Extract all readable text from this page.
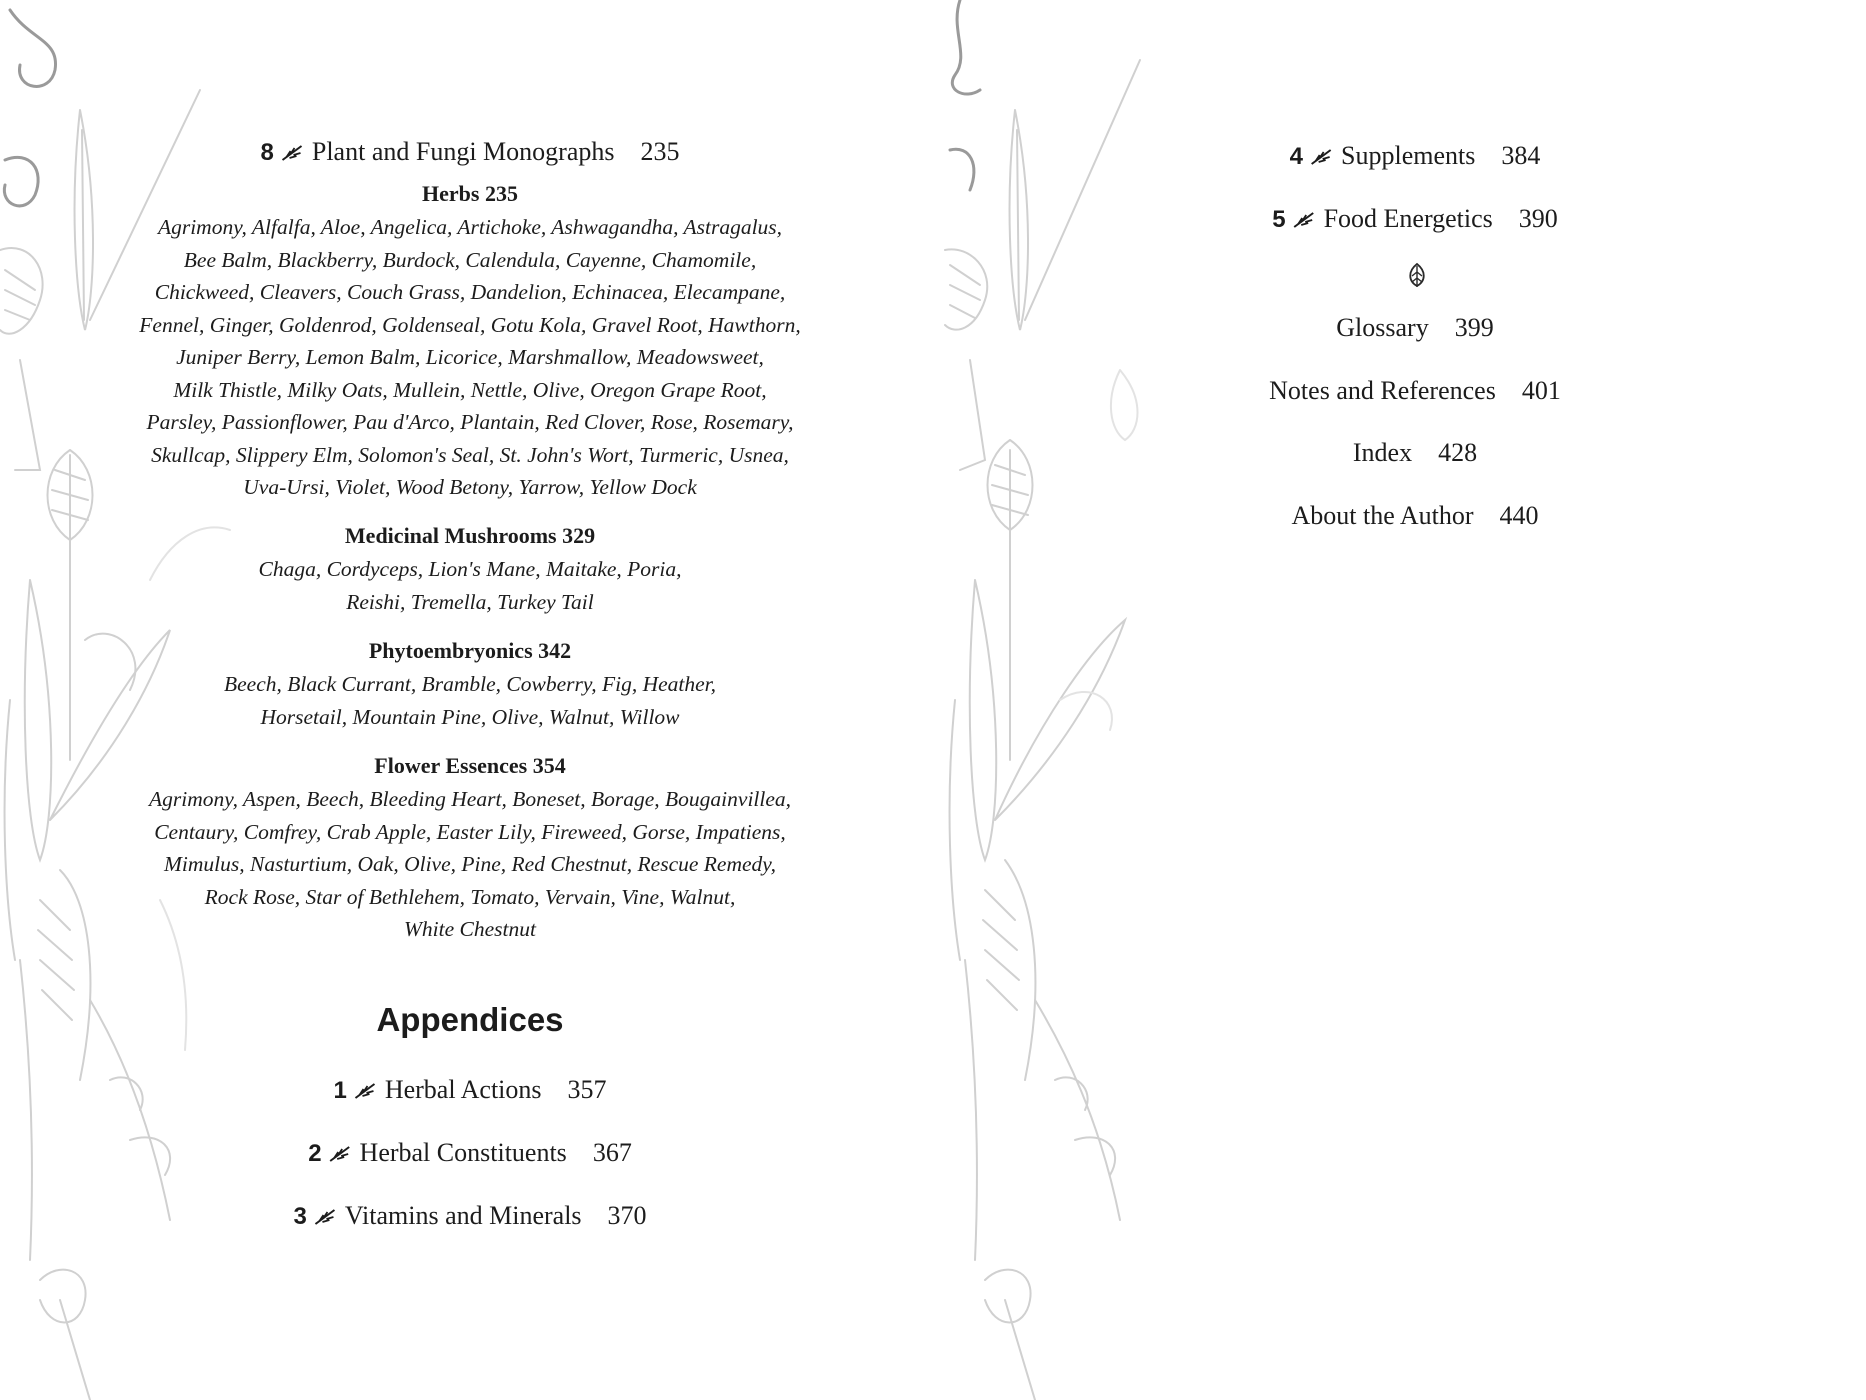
8 Plant and Fungi Monographs 235
Herbs 235
Agrimony, Alfalfa, Aloe, Angelica, Artichoke, Ashwagandha, Astragalus,
Bee Balm, Blackberry, Burdock, Calendula, Cayenne, Chamomile,
Chickweed, Cleavers, Couch Grass, Dandelion, Echinacea, Elecampane,
Fennel, Ginger, Goldenrod, Goldenseal, Gotu Kola, Gravel Root, Hawthorn,
Juniper Berry, Lemon Balm, Licorice, Marshmallow, Meadowsweet,
Milk Thistle, Milky Oats, Mullein, Nettle, Olive, Oregon Grape Root,
Parsley, Passionflower, Pau d'Arco, Plantain, Red Clover, Rose, Rosemary,
Skullcap, Slippery Elm, Solomon's Seal, St. John's Wort, Turmeric, Usnea,
Uva-Ursi, Violet, Wood Betony, Yarrow, Yellow Dock
Medicinal Mushrooms 329
Chaga, Cordyceps, Lion's Mane, Maitake, Poria,
Reishi, Tremella, Turkey Tail
Phytoembryonics 342
Beech, Black Currant, Bramble, Cowberry, Fig, Heather,
Horsetail, Mountain Pine, Olive, Walnut, Willow
Flower Essences 354
Agrimony, Aspen, Beech, Bleeding Heart, Boneset, Borage, Bougainvillea,
Centaury, Comfrey, Crab Apple, Easter Lily, Fireweed, Gorse, Impatiens,
Mimulus, Nasturtium, Oak, Olive, Pine, Red Chestnut, Rescue Remedy,
Rock Rose, Star of Bethlehem, Tomato, Vervain, Vine, Walnut,
White Chestnut
Appendices
1 Herbal Actions 357
2 Herbal Constituents 367
3 Vitamins and Minerals 370
4 Supplements 384
5 Food Energetics 390
Glossary 399
Notes and References 401
Index 428
About the Author 440
